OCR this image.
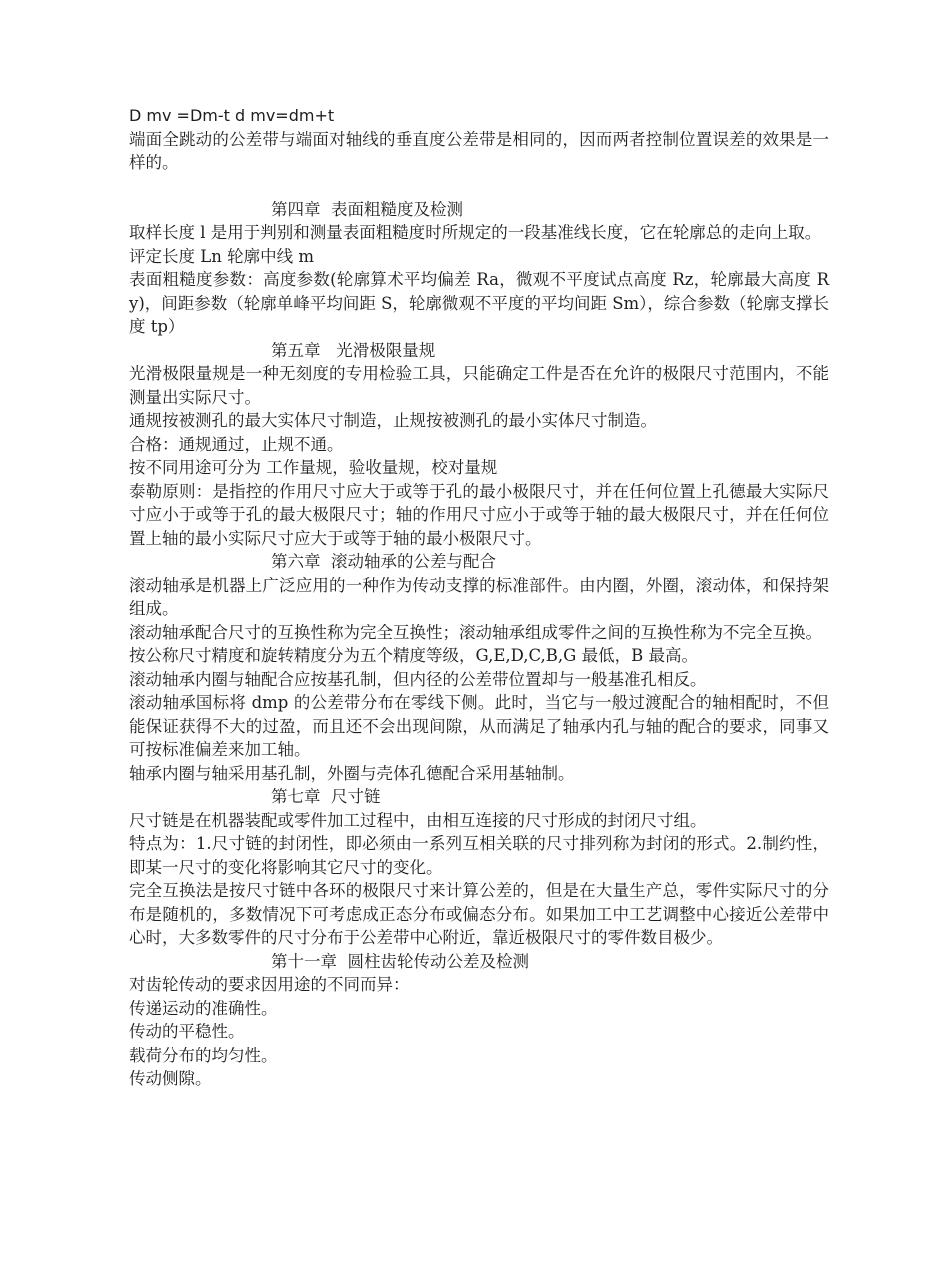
D mv =Dm-t d mv=dm+t

端面全跳动的公差带与端面对轴线的垂直度公差带是相同的，因而两者控制位置误差的效果是一样的。

第四章  表面粗糙度及检测

取样长度 l 是用于判别和测量表面粗糙度时所规定的一段基准线长度，它在轮廓总的走向上取。

评定长度 Ln 轮廓中线 m

表面粗糙度参数：高度参数(轮廓算术平均偏差 Ra，微观不平度试点高度 Rz，轮廓最大高度 Ry)，间距参数（轮廓单峰平均间距 S，轮廓微观不平度的平均间距 Sm），综合参数（轮廓支撑长度 tp）

第五章   光滑极限量规

光滑极限量规是一种无刻度的专用检验工具，只能确定工件是否在允许的极限尺寸范围内，不能测量出实际尺寸。

通规按被测孔的最大实体尺寸制造，止规按被测孔的最小实体尺寸制造。

合格：通规通过，止规不通。

按不同用途可分为 工作量规，验收量规，校对量规

泰勒原则：是指控的作用尺寸应大于或等于孔的最小极限尺寸，并在任何位置上孔德最大实际尺寸应小于或等于孔的最大极限尺寸；轴的作用尺寸应小于或等于轴的最大极限尺寸，并在任何位置上轴的最小实际尺寸应大于或等于轴的最小极限尺寸。

第六章  滚动轴承的公差与配合

滚动轴承是机器上广泛应用的一种作为传动支撑的标准部件。由内圈，外圈，滚动体，和保持架组成。

滚动轴承配合尺寸的互换性称为完全互换性；滚动轴承组成零件之间的互换性称为不完全互换。

按公称尺寸精度和旋转精度分为五个精度等级，G,E,D,C,B,G 最低，B 最高。

滚动轴承内圈与轴配合应按基孔制，但内径的公差带位置却与一般基准孔相反。

滚动轴承国标将 dmp 的公差带分布在零线下侧。此时，当它与一般过渡配合的轴相配时，不但能保证获得不大的过盈，而且还不会出现间隙，从而满足了轴承内孔与轴的配合的要求，同事又可按标准偏差来加工轴。

轴承内圈与轴采用基孔制，外圈与壳体孔德配合采用基轴制。

第七章  尺寸链

尺寸链是在机器装配或零件加工过程中，由相互连接的尺寸形成的封闭尺寸组。

特点为：1.尺寸链的封闭性，即必须由一系列互相关联的尺寸排列称为封闭的形式。2.制约性，即某一尺寸的变化将影响其它尺寸的变化。

完全互换法是按尺寸链中各环的极限尺寸来计算公差的，但是在大量生产总，零件实际尺寸的分布是随机的，多数情况下可考虑成正态分布或偏态分布。如果加工中工艺调整中心接近公差带中心时，大多数零件的尺寸分布于公差带中心附近，靠近极限尺寸的零件数目极少。

第十一章  圆柱齿轮传动公差及检测

对齿轮传动的要求因用途的不同而异：

传递运动的准确性。

传动的平稳性。

载荷分布的均匀性。

传动侧隙。
